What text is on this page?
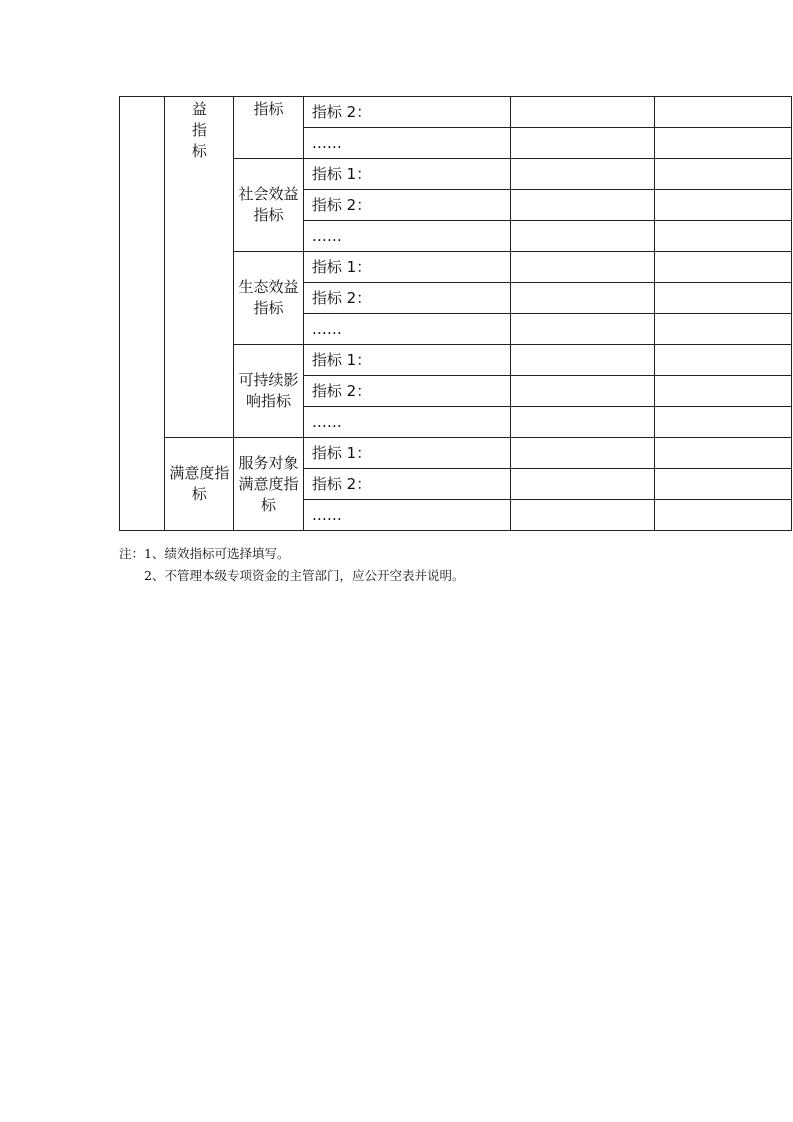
	益
指
标	指标	指标 2：		
			……		
		社会效益指标	指标 1：		
			指标 2：		
			……		
		生态效益指标	指标 1：		
			指标 2：		
			……		
		可持续影响指标	指标 1：		
			指标 2：		
			……		
	满意度指标	服务对象满意度指标	指标 1：		
			指标 2：		
			……		
注：1、绩效指标可选择填写。
2、不管理本级专项资金的主管部门，应公开空表并说明。
